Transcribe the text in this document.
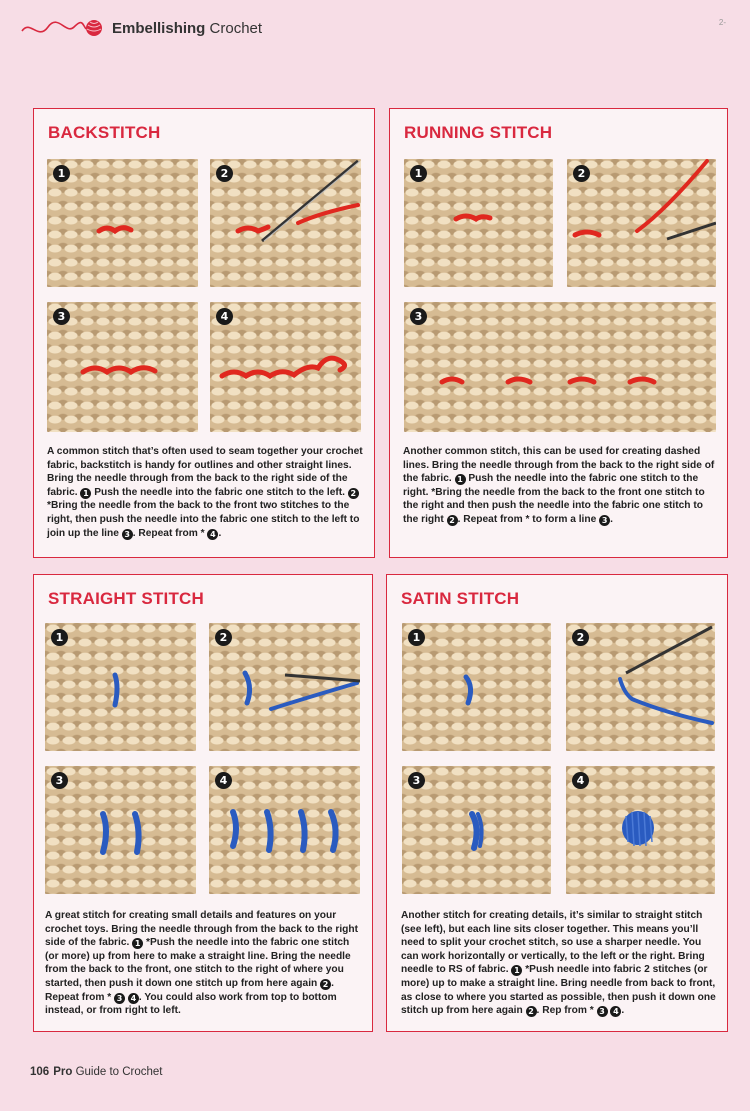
Embellishing Crochet	2-
BACKSTITCH
1	2
3	4

A common stitch that’s often used to seam together your crochet fabric, backstitch is handy for outlines and other straight lines. Bring the needle through from the back to the right side of the fabric. 1 Push the needle into the fabric one stitch to the left. 2*Bring the needle from the back to the front two stitches to the right, then push the needle into the fabric one stitch to the left to join up the line 3 . Repeat from * 4 .

RUNNING STITCH
1	2
3

Another common stitch, this can be used for creating dashed lines. Bring the needle through from the back to the right side of the fabric. 1 Push the needle into the fabric one stitch to the right. *Bring the needle from the back to the front one stitch to the right and then push the needle into the fabric one stitch to the right 2 . Repeat from * to form a line 3 .

STRAIGHT STITCH
1	2
3	4

A great stitch for creating small details and features on your crochet toys. Bring the needle through from the back to the right side of the fabric. 1 *Push the needle into the fabric one stitch (or more) up from here to make a straight line. Bring the needle from the back to the front, one stitch to the right of where you started, then push it down one stitch up from here again 2 . Repeat from * 3 4 . You could also work from top to bottom instead, or from right to left.

SATIN STITCH
1	2
3	4

Another stitch for creating details, it’s similar to straight stitch (see left), but each line sits closer together. This means you’ll need to split your crochet stitch, so use a sharper needle. You can work horizontally or vertically, to the left or the right. Bring needle to RS of fabric. 1 *Push needle into fabric 2 stitches (or more) up to make a straight line. Bring needle from back to front, as close to where you started as possible, then push it down one stitch up from here again 2 . Rep from * 3 4 .

106 Pro Guide to Crochet
